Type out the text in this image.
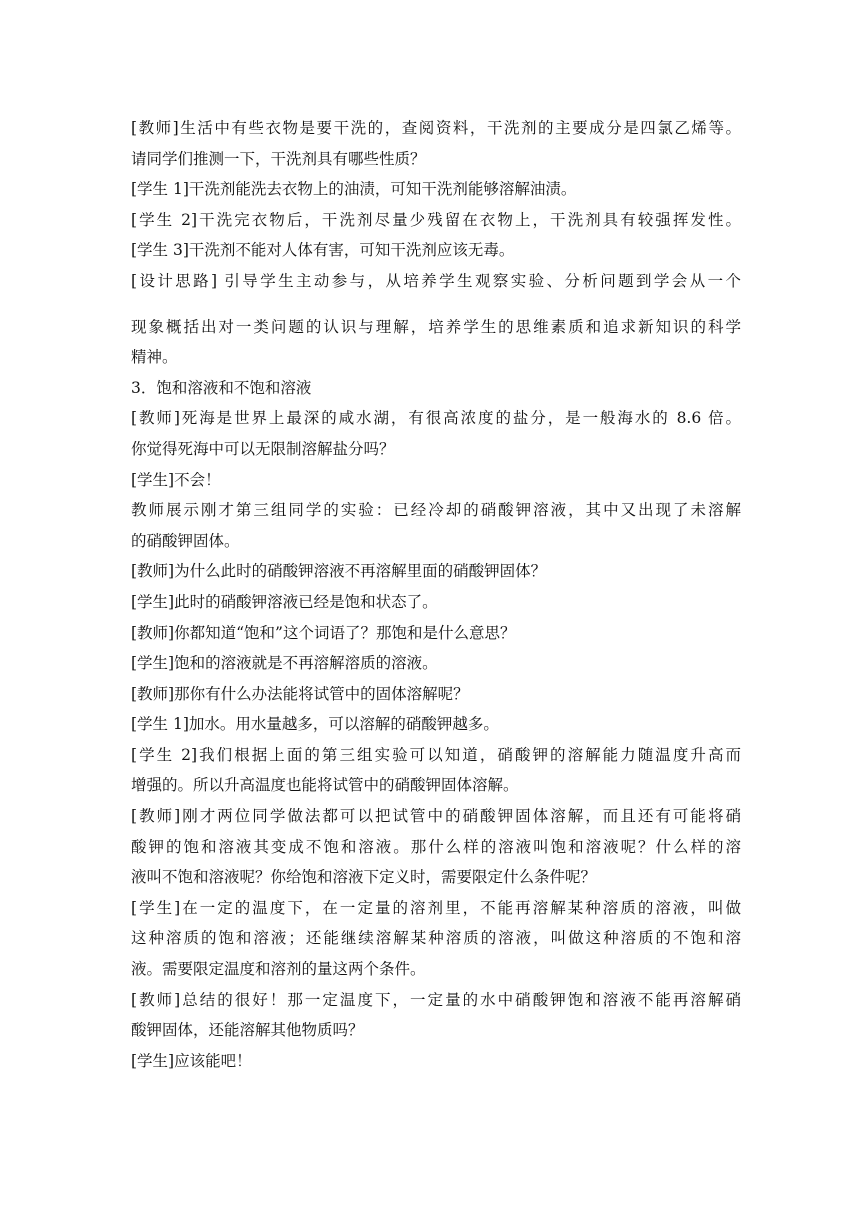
[教师]生活中有些衣物是要干洗的，查阅资料，干洗剂的主要成分是四氯乙烯等。
请同学们推测一下，干洗剂具有哪些性质？
[学生 1]干洗剂能洗去衣物上的油渍，可知干洗剂能够溶解油渍。
[学生 2]干洗完衣物后，干洗剂尽量少残留在衣物上，干洗剂具有较强挥发性。
[学生 3]干洗剂不能对人体有害，可知干洗剂应该无毒。
[设计思路] 引导学生主动参与，从培养学生观察实验、分析问题到学会从一个
现象概括出对一类问题的认识与理解，培养学生的思维素质和追求新知识的科学
精神。
3．饱和溶液和不饱和溶液
[教师]死海是世界上最深的咸水湖，有很高浓度的盐分，是一般海水的 8.6 倍。
你觉得死海中可以无限制溶解盐分吗？
[学生]不会！
教师展示刚才第三组同学的实验：已经冷却的硝酸钾溶液，其中又出现了未溶解
的硝酸钾固体。
[教师]为什么此时的硝酸钾溶液不再溶解里面的硝酸钾固体？
[学生]此时的硝酸钾溶液已经是饱和状态了。
[教师]你都知道“饱和”这个词语了？那饱和是什么意思？
[学生]饱和的溶液就是不再溶解溶质的溶液。
[教师]那你有什么办法能将试管中的固体溶解呢？
[学生 1]加水。用水量越多，可以溶解的硝酸钾越多。
[学生 2]我们根据上面的第三组实验可以知道，硝酸钾的溶解能力随温度升高而
增强的。所以升高温度也能将试管中的硝酸钾固体溶解。
[教师]刚才两位同学做法都可以把试管中的硝酸钾固体溶解，而且还有可能将硝
酸钾的饱和溶液其变成不饱和溶液。那什么样的溶液叫饱和溶液呢？什么样的溶
液叫不饱和溶液呢？你给饱和溶液下定义时，需要限定什么条件呢？
[学生]在一定的温度下，在一定量的溶剂里，不能再溶解某种溶质的溶液，叫做
这种溶质的饱和溶液；还能继续溶解某种溶质的溶液，叫做这种溶质的不饱和溶
液。需要限定温度和溶剂的量这两个条件。
[教师]总结的很好！那一定温度下，一定量的水中硝酸钾饱和溶液不能再溶解硝
酸钾固体，还能溶解其他物质吗？
[学生]应该能吧！
